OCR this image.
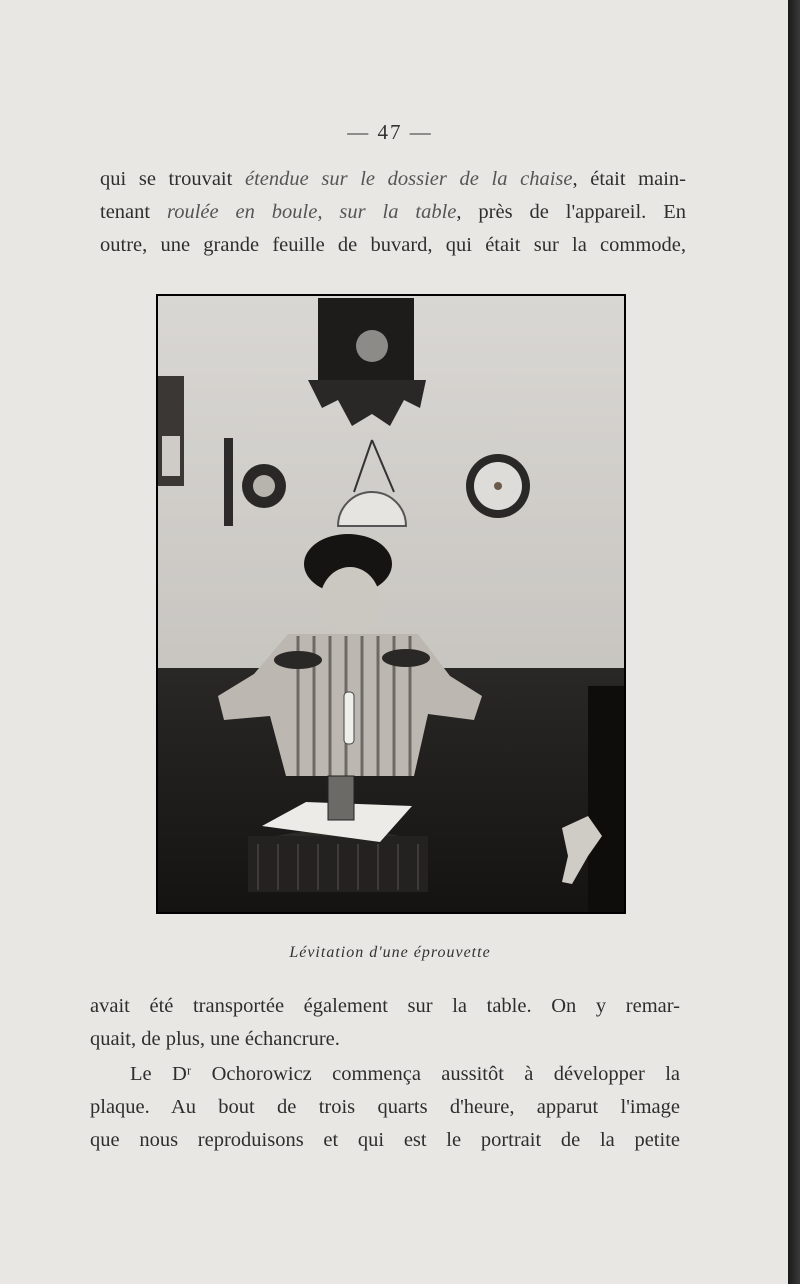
— 47 —

qui se trouvait étendue sur le dossier de la chaise, était main-
tenant roulée en boule, sur la table, près de l'appareil. En
outre, une grande feuille de buvard, qui était sur la commode,

Lévitation d'une éprouvette

avait été transportée également sur la table. On y remar-
quait, de plus, une échancrure.

Le Dʳ Ochorowicz commença aussitôt à développer la
plaque. Au bout de trois quarts d'heure, apparut l'image
que nous reproduisons et qui est le portrait de la petite
